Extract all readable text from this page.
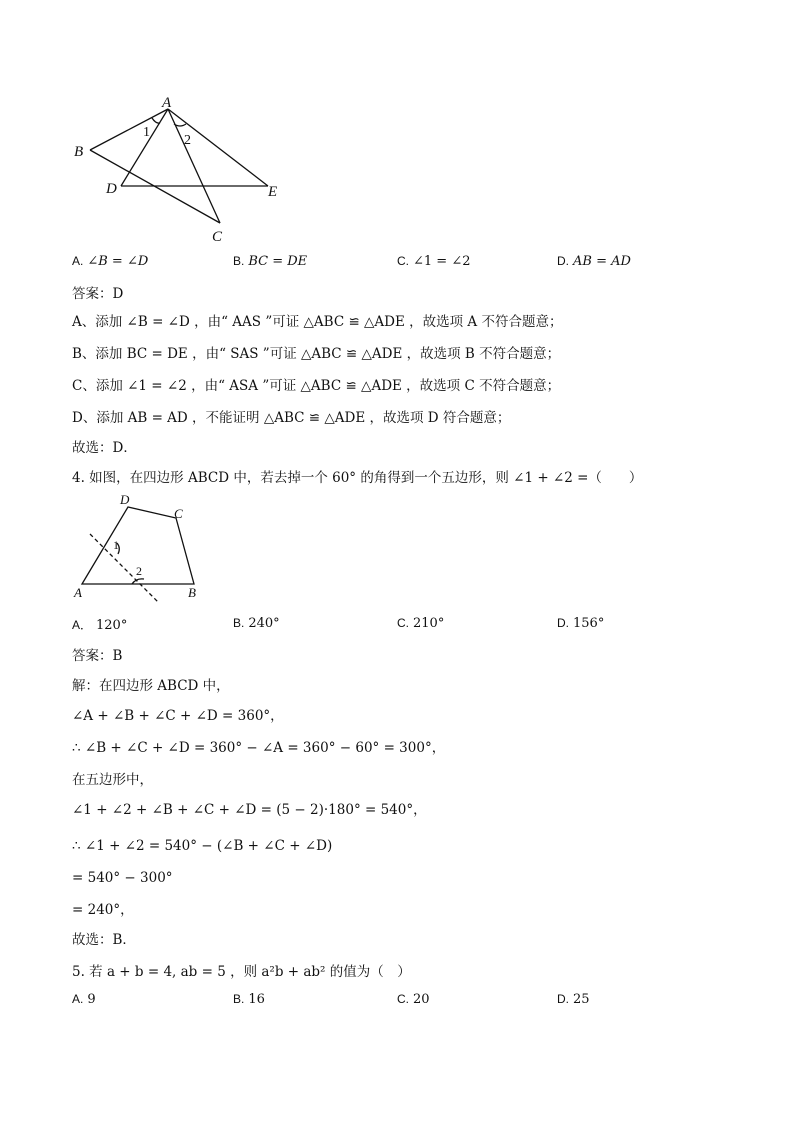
A
B
C
D	E
1
2
A. ∠B = ∠D	B. BC = DE	C. ∠1 = ∠2	D. AB = AD
答案：D
A、添加 ∠B = ∠D ，由“ AAS ”可证 △ABC ≌ △ADE ，故选项 A 不符合题意；
B、添加 BC = DE ，由“ SAS ”可证 △ABC ≌ △ADE ，故选项 B 不符合题意；
C、添加 ∠1 = ∠2 ，由“ ASA ”可证 △ABC ≌ △ADE ，故选项 C 不符合题意；
D、添加 AB = AD ，不能证明 △ABC ≌ △ADE ，故选项 D 符合题意；
故选：D．
4. 如图，在四边形 ABCD 中，若去掉一个 60° 的角得到一个五边形，则 ∠1 + ∠2 =（　　）
A	B
C
D
1
2
A． 120°	B. 240°	C. 210°	D. 156°
答案：B
解：在四边形 ABCD 中，
∠A + ∠B + ∠C + ∠D = 360°，
∴ ∠B + ∠C + ∠D = 360° − ∠A = 360° − 60° = 300°，
在五边形中，
∠1 + ∠2 + ∠B + ∠C + ∠D = (5 − 2)·180° = 540°，
∴ ∠1 + ∠2 = 540° − (∠B + ∠C + ∠D)
= 540° − 300°
= 240°，
故选：B．
5. 若 a + b = 4, ab = 5 ，则 a²b + ab² 的值为（　）
A. 9	B. 16	C. 20	D. 25
